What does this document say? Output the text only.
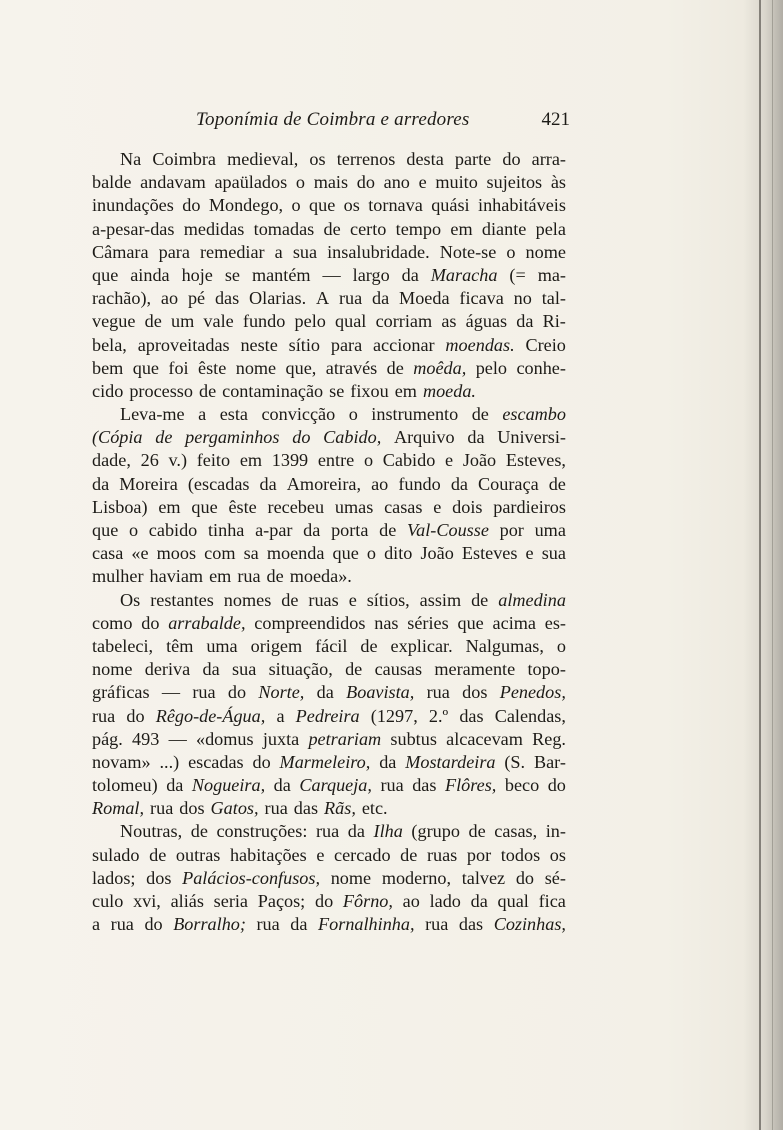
Toponímia de Coimbra e arredores	421
Na Coimbra medieval, os terrenos desta parte do arra-
balde andavam apaülados o mais do ano e muito sujeitos às
inundações do Mondego, o que os tornava quási inhabitáveis
a-pesar-das medidas tomadas de certo tempo em diante pela
Câmara para remediar a sua insalubridade. Note-se o nome
que ainda hoje se mantém — largo da Maracha (= ma-
rachão), ao pé das Olarias. A rua da Moeda ficava no tal-
vegue de um vale fundo pelo qual corriam as águas da Ri-
bela, aproveitadas neste sítio para accionar moendas. Creio
bem que foi êste nome que, através de moêda, pelo conhe-
cido processo de contaminação se fixou em moeda.
Leva-me a esta convicção o instrumento de escambo
(Cópia de pergaminhos do Cabido, Arquivo da Universi-
dade, 26 v.) feito em 1399 entre o Cabido e João Esteves,
da Moreira (escadas da Amoreira, ao fundo da Couraça de
Lisboa) em que êste recebeu umas casas e dois pardieiros
que o cabido tinha a-par da porta de Val-Cousse por uma
casa «e moos com sa moenda que o dito João Esteves e sua
mulher haviam em rua de moeda».
Os restantes nomes de ruas e sítios, assim de almedina
como do arrabalde, compreendidos nas séries que acima es-
tabeleci, têm uma origem fácil de explicar. Nalgumas, o
nome deriva da sua situação, de causas meramente topo-
gráficas — rua do Norte, da Boavista, rua dos Penedos,
rua do Rêgo-de-Água, a Pedreira (1297, 2.º das Calendas,
pág. 493 — «domus juxta petrariam subtus alcacevam Reg.
novam» ...) escadas do Marmeleiro, da Mostardeira (S. Bar-
tolomeu) da Nogueira, da Carqueja, rua das Flôres, beco do
Romal, rua dos Gatos, rua das Rãs, etc.
Noutras, de construções: rua da Ilha (grupo de casas, in-
sulado de outras habitações e cercado de ruas por todos os
lados; dos Palácios-confusos, nome moderno, talvez do sé-
culo xvi, aliás seria Paços; do Fôrno, ao lado da qual fica
a rua do Borralho; rua da Fornalhinha, rua das Cozinhas,
